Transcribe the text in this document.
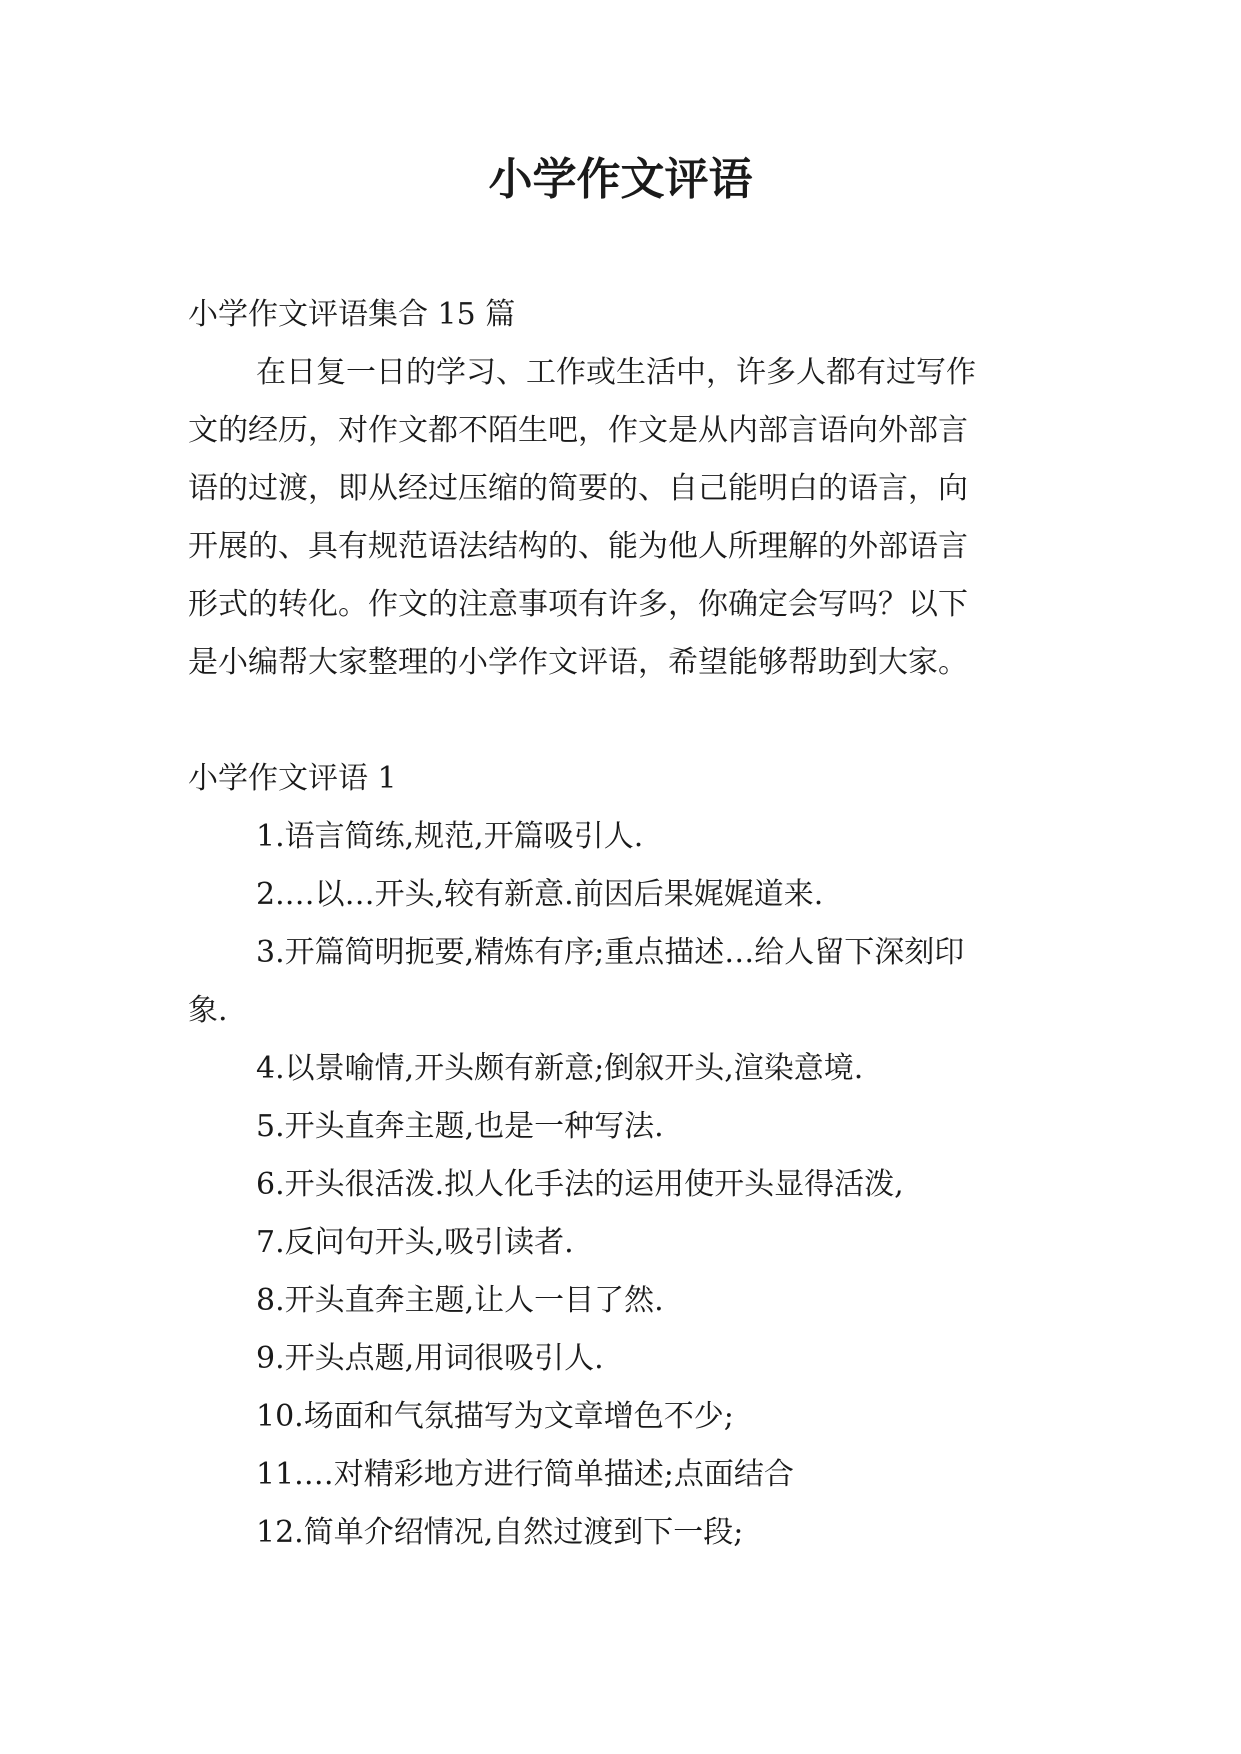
小学作文评语
小学作文评语集合 15 篇
在日复一日的学习、工作或生活中，许多人都有过写作
文的经历，对作文都不陌生吧，作文是从内部言语向外部言
语的过渡，即从经过压缩的简要的、自己能明白的语言，向
开展的、具有规范语法结构的、能为他人所理解的外部语言
形式的转化。作文的注意事项有许多，你确定会写吗？以下
是小编帮大家整理的小学作文评语，希望能够帮助到大家。
小学作文评语 1
1.语言简练,规范,开篇吸引人.
2.…以…开头,较有新意.前因后果娓娓道来.
3.开篇简明扼要,精炼有序;重点描述…给人留下深刻印
象.
4.以景喻情,开头颇有新意;倒叙开头,渲染意境.
5.开头直奔主题,也是一种写法.
6.开头很活泼.拟人化手法的运用使开头显得活泼,
7.反问句开头,吸引读者.
8.开头直奔主题,让人一目了然.
9.开头点题,用词很吸引人.
10.场面和气氛描写为文章增色不少;
11.…对精彩地方进行简单描述;点面结合
12.简单介绍情况,自然过渡到下一段;
